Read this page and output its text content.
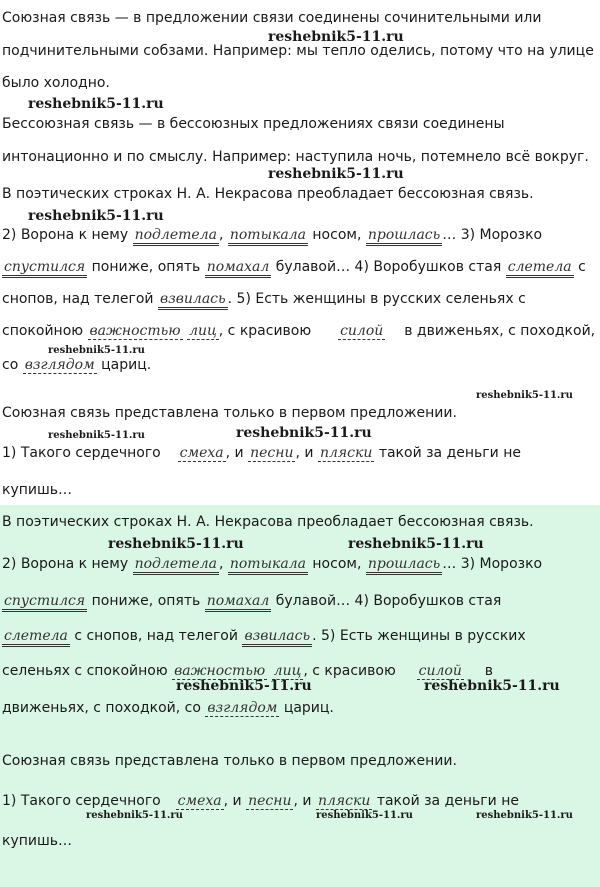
Союзная связь — в предложении связи соединены сочинительными или
reshebnik5-11.ru
подчинительными собзами. Например: мы тепло оделись, потому что на улице
было холодно.
reshebnik5-11.ru
Бессоюзная связь — в бессоюзных предложениях связи соединены
интонационно и по смыслу. Например: наступила ночь, потемнело всё вокруг.
reshebnik5-11.ru
В поэтических строках Н. А. Некрасова преобладает бессоюзная связь.
reshebnik5-11.ru
2) Ворона к нему подлетела , потыкала носом, прошлась … 3) Морозко
спустился пониже, опять помахал булавой… 4) Воробушков стая слетела с
снопов, над телегой взвилась . 5) Есть женщины в русских селеньях с
спокойною важностью лиц , с красивою силой в движеньях, с походкой,
reshebnik5-11.ru
со взглядом цариц.
reshebnik5-11.ru
Союзная связь представлена только в первом предложении.
reshebnik5-11.ru	reshebnik5-11.ru
1) Такого сердечного смеха , и песни , и пляски такой за деньги не
купишь…
В поэтических строках Н. А. Некрасова преобладает бессоюзная связь.
reshebnik5-11.ru	reshebnik5-11.ru
2) Ворона к нему подлетела , потыкала носом, прошлась … 3) Морозко
спустился пониже, опять помахал булавой… 4) Воробушков стая
слетела с снопов, над телегой взвилась . 5) Есть женщины в русских
селеньях с спокойною важностью лиц , с красивою силой в
reshebnik5-11.ru	reshebnik5-11.ru
движеньях, с походкой, со взглядом цариц.
Союзная связь представлена только в первом предложении.
1) Такого сердечного смеха , и песни , и пляски такой за деньги не
reshebnik5-11.ru	reshebnik5-11.ru	reshebnik5-11.ru
купишь…
